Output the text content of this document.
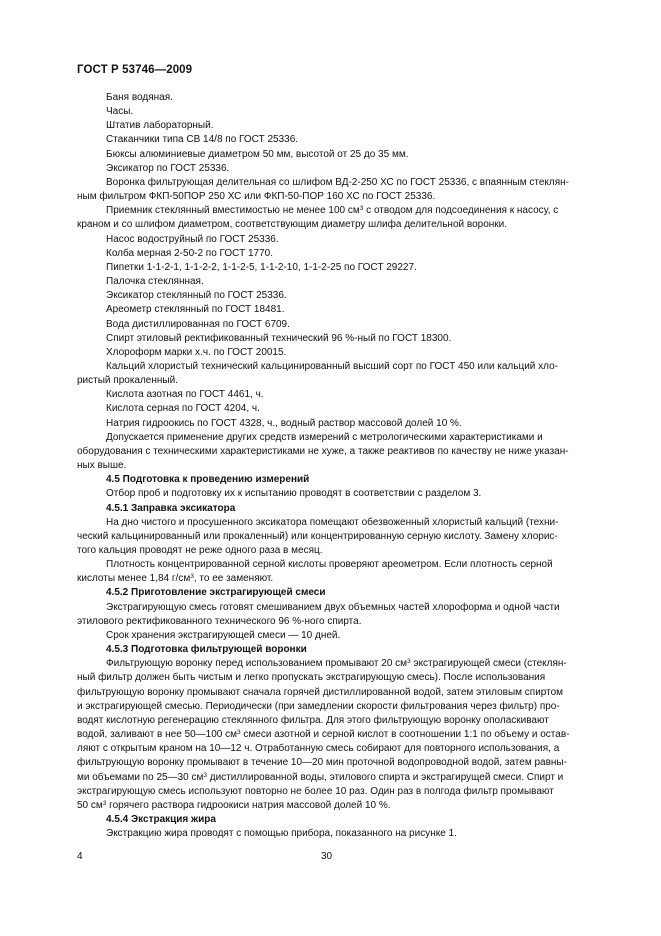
ГОСТ Р 53746—2009

Баня водяная.

Часы.

Штатив лабораторный.

Стаканчики типа СВ 14/8 по ГОСТ 25336.

Бюксы алюминиевые диаметром 50 мм, высотой от 25 до 35 мм.

Эксикатор по ГОСТ 25336.

Воронка фильтрующая делительная со шлифом ВД-2-250 ХС по ГОСТ 25336, с впаянным стеклян-

ным фильтром ФКП-50ПОР 250 ХС или ФКП-50-ПОР 160 ХС по ГОСТ 25336.

Приемник стеклянный вместимостью не менее 100 $см^3$ с отводом для подсоединения к насосу, с

краном и со шлифом диаметром, соответствующим диаметру шлифа делительной воронки.

Насос водоструйный по ГОСТ 25336.

Колба мерная 2-50-2 по ГОСТ 1770.

Пипетки 1-1-2-1, 1-1-2-2, 1-1-2-5, 1-1-2-10, 1-1-2-25 по ГОСТ 29227.

Палочка стеклянная.

Эксикатор стеклянный по ГОСТ 25336.

Ареометр стеклянный по ГОСТ 18481.

Вода дистиллированная по ГОСТ 6709.

Спирт этиловый ректификованный технический 96 %-ный по ГОСТ 18300.

Хлороформ марки х.ч. по ГОСТ 20015.

Кальций хлористый технический кальцинированный высший сорт по ГОСТ 450 или кальций хло-

ристый прокаленный.

Кислота азотная по ГОСТ 4461, ч.

Кислота серная по ГОСТ 4204, ч.

Натрия гидроокись по ГОСТ 4328, ч., водный раствор массовой долей 10 %.

Допускается применение других средств измерений с метрологическими характеристиками и

оборудования с техническими характеристиками не хуже, а также реактивов по качеству не ниже указан-

ных выше.

4.5 Подготовка к проведению измерений

Отбор проб и подготовку их к испытанию проводят в соответствии с разделом 3.

4.5.1 Заправка эксикатора

На дно чистого и просушенного эксикатора помещают обезвоженный хлористый кальций (техни-

ческий кальцинированный или прокаленный) или концентрированную серную кислоту. Замену хлорис-

того кальция проводят не реже одного раза в месяц.

Плотность концентрированной серной кислоты проверяют ареометром. Если плотность серной

кислоты менее 1,84 $г/см^3$, то ее заменяют.

4.5.2 Приготовление экстрагирующей смеси

Экстрагирующую смесь готовят смешиванием двух объемных частей хлороформа и одной части

этилового ректификованного технического 96 %-ного спирта.

Срок хранения экстрагирующей смеси — 10 дней.

4.5.3 Подготовка фильтрующей воронки

Фильтрующую воронку перед использованием промывают 20 $см^3$ экстрагирующей смеси (стеклян-

ный фильтр должен быть чистым и легко пропускать экстрагирующую смесь). После использования

фильтрующую воронку промывают сначала горячей дистиллированной водой, затем этиловым спиртом

и экстрагирующей смесью. Периодически (при замедлении скорости фильтрования через фильтр) про-

водят кислотную регенерацию стеклянного фильтра. Для этого фильтрующую воронку ополаскивают

водой, заливают в нее 50—100 $см^3$ смеси азотной и серной кислот в соотношении 1:1 по объему и остав-

ляют с открытым краном на 10—12 ч. Отработанную смесь собирают для повторного использования, а

фильтрующую воронку промывают в течение 10—20 мин проточной водопроводной водой, затем равны-

ми объемами по 25—30 $см^3$ дистиллированной воды, этилового спирта и экстрагирущей смеси. Спирт и

экстрагирующую смесь используют повторно не более 10 раз. Один раз в полгода фильтр промывают

50 $см^3$ горячего раствора гидроокиси натрия массовой долей 10 %.

4.5.4 Экстракция жира

Экстракцию жира проводят с помощью прибора, показанного на рисунке 1.

4	30
